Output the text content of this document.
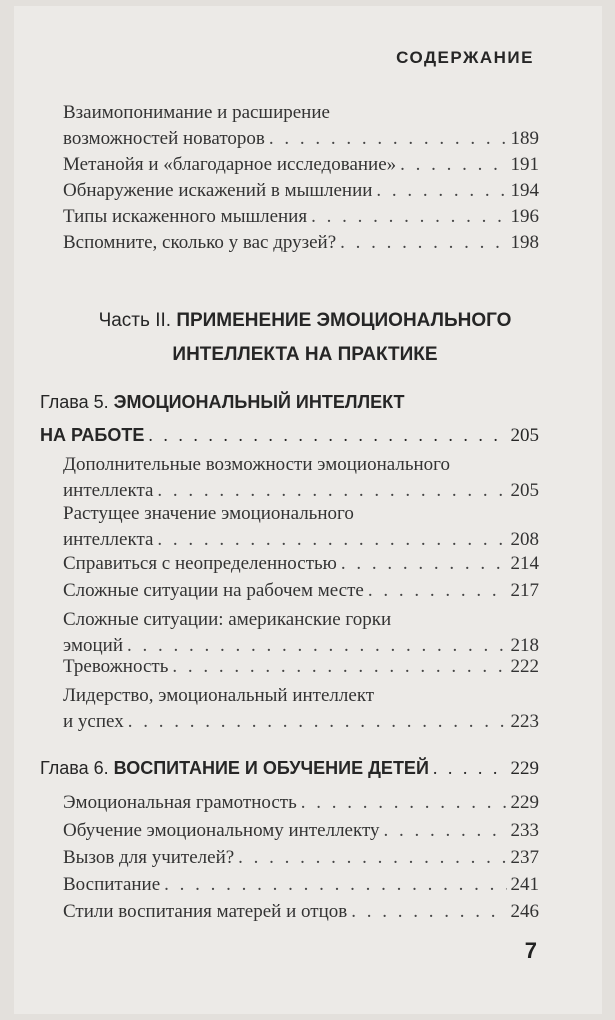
СОДЕРЖАНИЕ
Взаимопонимание и расширение
возможностей новаторов . . .	189
Метанойя и «благодарное исследование» . . .	191
Обнаружение искажений в мышлении . . .	194
Типы искаженного мышления . . .	196
Вспомните, сколько у вас друзей? . . .	198
Часть II. ПРИМЕНЕНИЕ ЭМОЦИОНАЛЬНОГО
ИНТЕЛЛЕКТА НА ПРАКТИКЕ
Глава 5. ЭМОЦИОНАЛЬНЫЙ ИНТЕЛЛЕКТ
НА РАБОТЕ . . .	205
Дополнительные возможности эмоционального
интеллекта . . .	205
Растущее значение эмоционального
интеллекта . . .	208
Справиться с неопределенностью . . .	214
Сложные ситуации на рабочем месте . . .	217
Сложные ситуации: американские горки
эмоций . . .	218
Тревожность . . .	222
Лидерство, эмоциональный интеллект
и успех . . .	223
Глава 6.
ВОСПИТАНИЕ И ОБУЧЕНИЕ ДЕТЕЙ . . .	229
Эмоциональная грамотность . . .	229
Обучение эмоциональному интеллекту . . .	233
Вызов для учителей? . . .	237
Воспитание . . .	241
Стили воспитания матерей и отцов . . .	246
7
